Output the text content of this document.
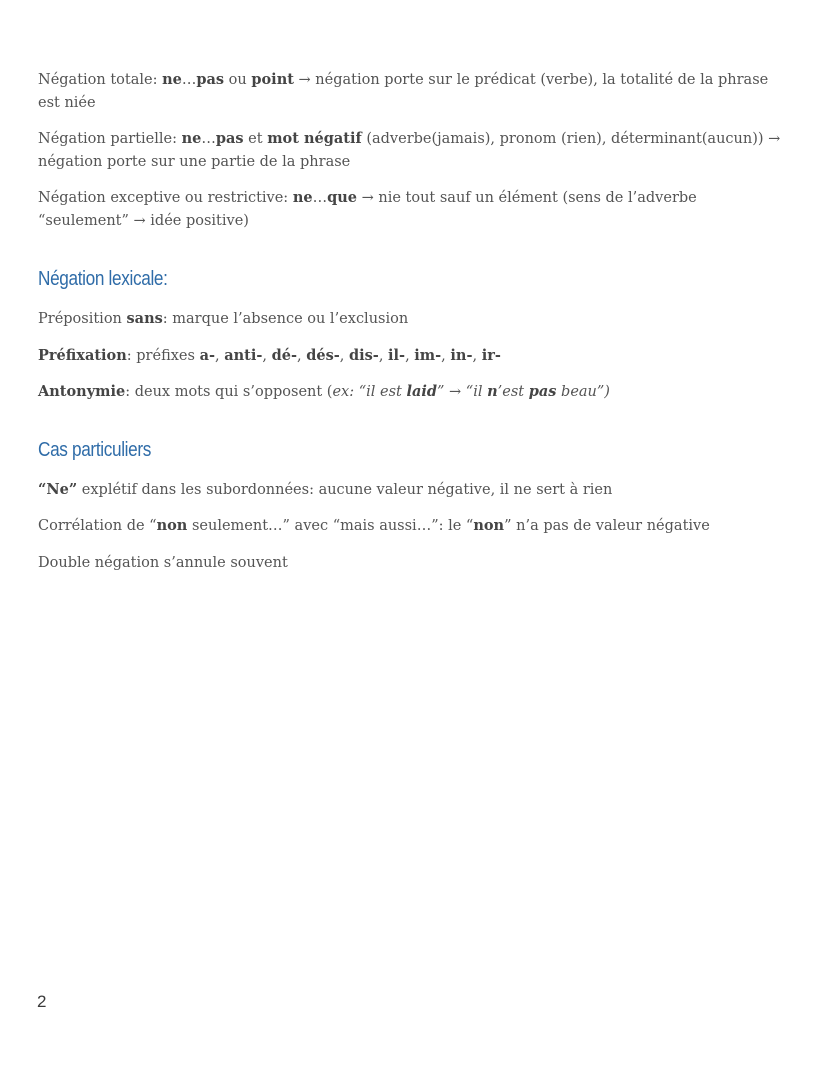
Négation totale: ne…pas ou point → négation porte sur le prédicat (verbe), la totalité de la phrase est niée

Négation partielle: ne…pas et mot négatif (adverbe(jamais), pronom (rien), déterminant(aucun)) → négation porte sur une partie de la phrase

Négation exceptive ou restrictive: ne…que → nie tout sauf un élément (sens de l’adverbe “seulement” → idée positive)

Négation lexicale:

Préposition sans: marque l’absence ou l’exclusion

Préfixation: préfixes a-, anti-, dé-, dés-, dis-, il-, im-, in-, ir-

Antonymie: deux mots qui s’opposent (ex: “il est laid” → “il n’est pas beau”)

Cas particuliers

“Ne” explétif dans les subordonnées: aucune valeur négative, il ne sert à rien

Corrélation de “non seulement…” avec “mais aussi…”: le “non” n’a pas de valeur négative

Double négation s’annule souvent

2
